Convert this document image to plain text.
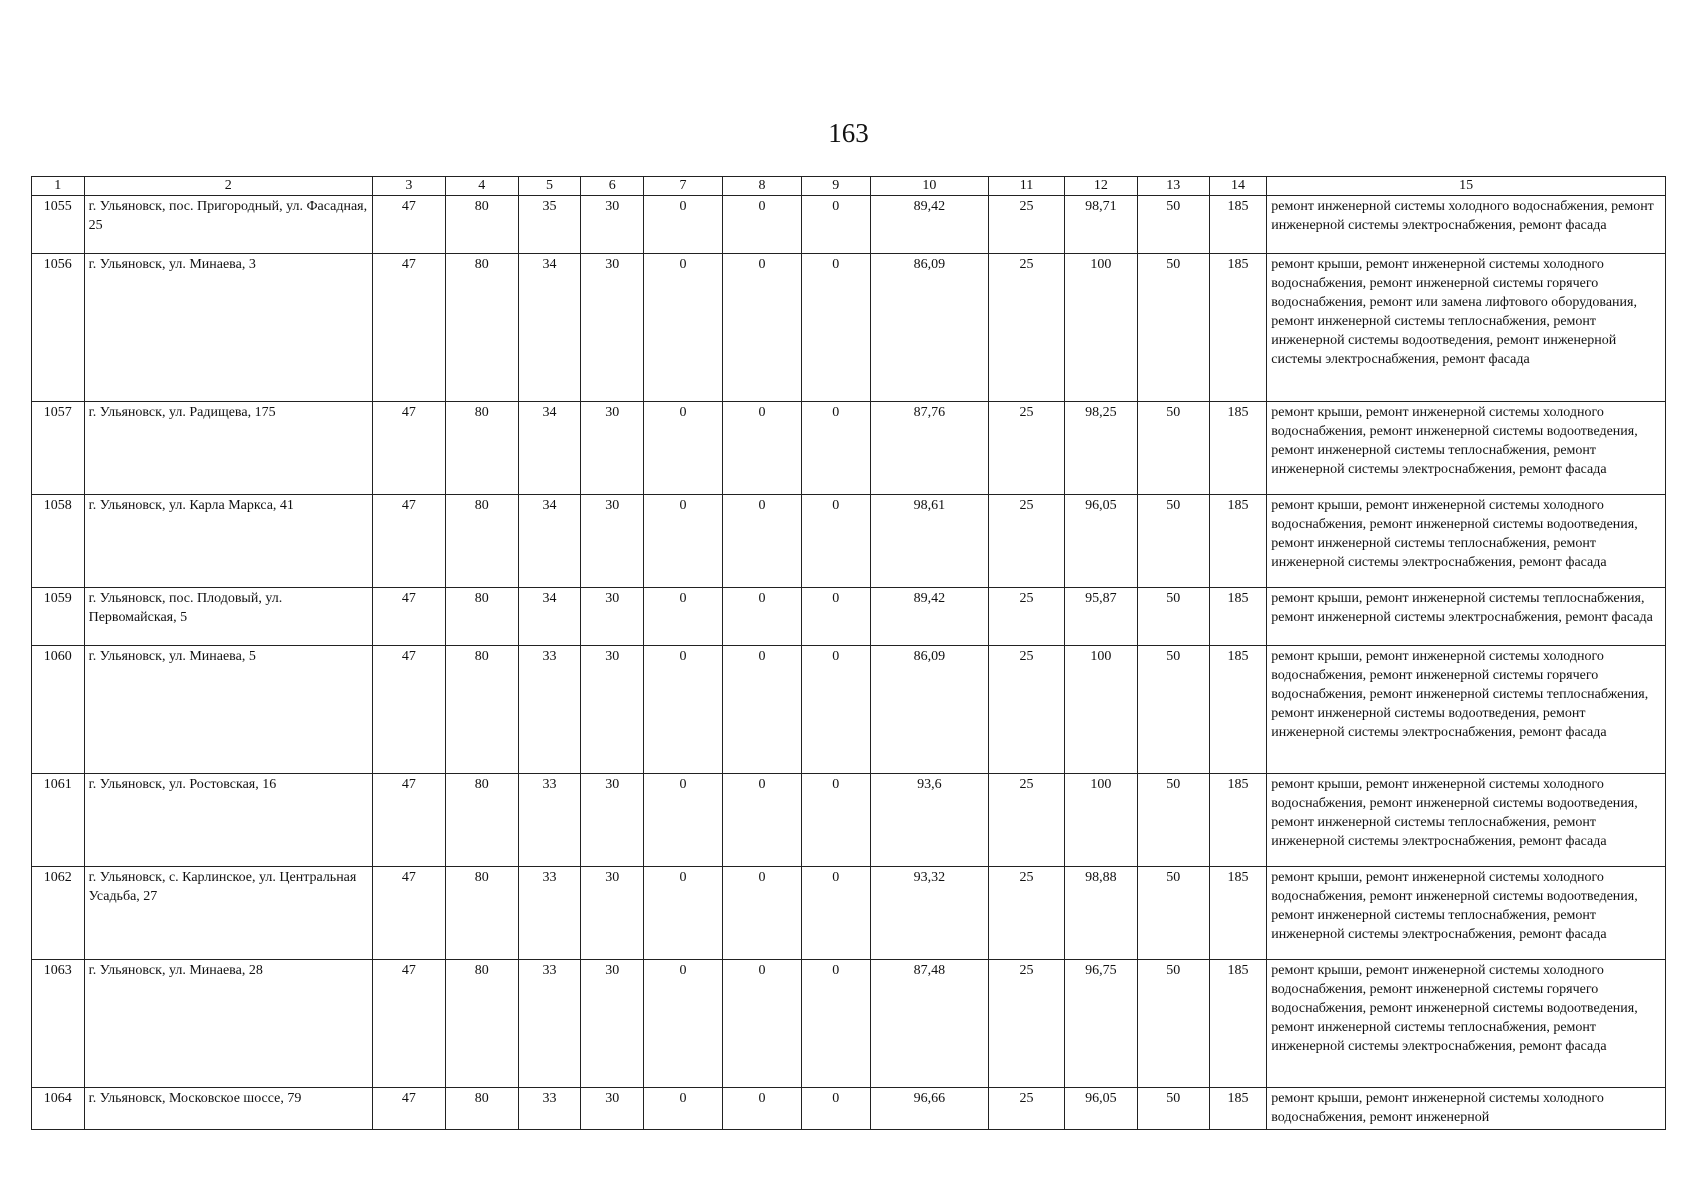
163
1	2	3	4	5	6	7	8	9	10	11	12	13	14	15
1055	г. Ульяновск, пос. Пригородный, ул. Фасадная, 25	47	80	35	30	0	0	0	89,42	25	98,71	50	185	ремонт инженерной системы холодного водоснабжения, ремонт инженерной системы электроснабжения, ремонт фасада
1056	г. Ульяновск, ул. Минаева, 3	47	80	34	30	0	0	0	86,09	25	100	50	185	ремонт крыши, ремонт инженерной системы холодного водоснабжения, ремонт инженерной системы горячего водоснабжения, ремонт или замена лифтового оборудования, ремонт инженерной системы теплоснабжения, ремонт инженерной системы водоотведения, ремонт инженерной системы электроснабжения, ремонт фасада
1057	г. Ульяновск, ул. Радищева, 175	47	80	34	30	0	0	0	87,76	25	98,25	50	185	ремонт крыши, ремонт инженерной системы холодного водоснабжения, ремонт инженерной системы водоотведения, ремонт инженерной системы теплоснабжения, ремонт инженерной системы электроснабжения, ремонт фасада
1058	г. Ульяновск, ул. Карла Маркса, 41	47	80	34	30	0	0	0	98,61	25	96,05	50	185	ремонт крыши, ремонт инженерной системы холодного водоснабжения, ремонт инженерной системы водоотведения, ремонт инженерной системы теплоснабжения, ремонт инженерной системы электроснабжения, ремонт фасада
1059	г. Ульяновск, пос. Плодовый, ул. Первомайская, 5	47	80	34	30	0	0	0	89,42	25	95,87	50	185	ремонт крыши, ремонт инженерной системы теплоснабжения, ремонт инженерной системы электроснабжения, ремонт фасада
1060	г. Ульяновск, ул. Минаева, 5	47	80	33	30	0	0	0	86,09	25	100	50	185	ремонт крыши, ремонт инженерной системы холодного водоснабжения, ремонт инженерной системы горячего водоснабжения, ремонт инженерной системы теплоснабжения, ремонт инженерной системы водоотведения, ремонт инженерной системы электроснабжения, ремонт фасада
1061	г. Ульяновск, ул. Ростовская, 16	47	80	33	30	0	0	0	93,6	25	100	50	185	ремонт крыши, ремонт инженерной системы холодного водоснабжения, ремонт инженерной системы водоотведения, ремонт инженерной системы теплоснабжения, ремонт инженерной системы электроснабжения, ремонт фасада
1062	г. Ульяновск, с. Карлинское, ул. Центральная Усадьба, 27	47	80	33	30	0	0	0	93,32	25	98,88	50	185	ремонт крыши, ремонт инженерной системы холодного водоснабжения, ремонт инженерной системы водоотведения, ремонт инженерной системы теплоснабжения, ремонт инженерной системы электроснабжения, ремонт фасада
1063	г. Ульяновск, ул. Минаева, 28	47	80	33	30	0	0	0	87,48	25	96,75	50	185	ремонт крыши, ремонт инженерной системы холодного водоснабжения, ремонт инженерной системы горячего водоснабжения, ремонт инженерной системы водоотведения, ремонт инженерной системы теплоснабжения, ремонт инженерной системы электроснабжения, ремонт фасада
1064	г. Ульяновск, Московское шоссе, 79	47	80	33	30	0	0	0	96,66	25	96,05	50	185	ремонт крыши, ремонт инженерной системы холодного водоснабжения, ремонт инженерной
